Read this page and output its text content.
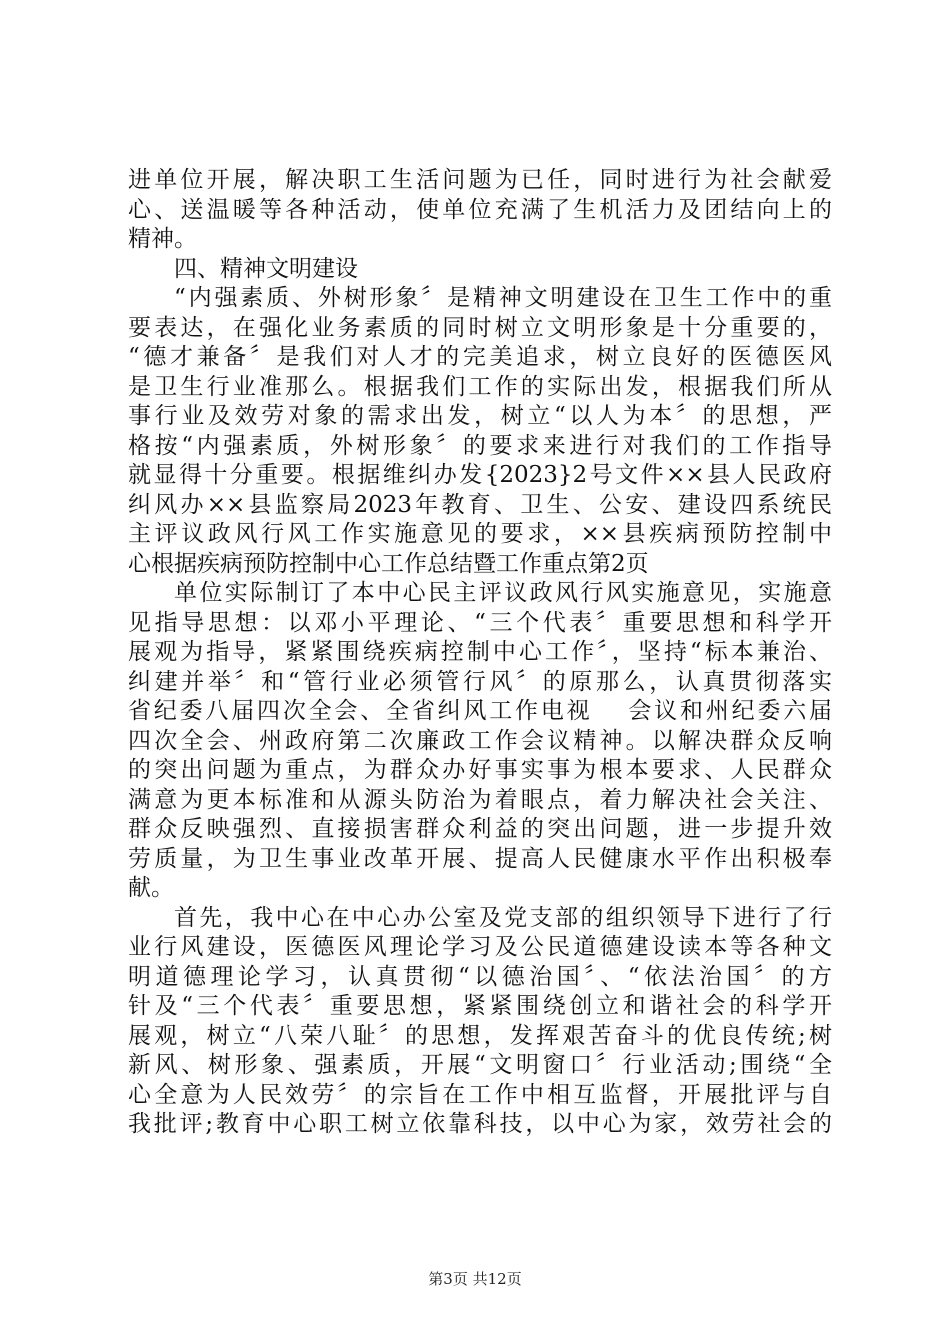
进单位开展，解决职工生活问题为已任，同时进行为社会献爱
心、送温暖等各种活动，使单位充满了生机活力及团结向上的
精神。
四、精神文明建设
“内强素质、外树形象〞是精神文明建设在卫生工作中的重
要表达，在强化业务素质的同时树立文明形象是十分重要的，
“德才兼备〞是我们对人才的完美追求，树立良好的医德医风
是卫生行业准那么。根据我们工作的实际出发，根据我们所从
事行业及效劳对象的需求出发，树立“以人为本〞的思想，严
格按“内强素质，外树形象〞的要求来进行对我们的工作指导
就显得十分重要。根据维纠办发{2023}2号文件××县人民政府
纠风办××县监察局2023年教育、卫生、公安、建设四系统民
主评议政风行风工作实施意见的要求，××县疾病预防控制中
心根据疾病预防控制中心工作总结暨工作重点第2页
单位实际制订了本中心民主评议政风行风实施意见，实施意
见指导思想：以邓小平理论、“三个代表〞重要思想和科学开
展观为指导，紧紧围绕疾病控制中心工作〞，坚持“标本兼治、
纠建并举〞和“管行业必须管行风〞的原那么，认真贯彻落实
省纪委八届四次全会、全省纠风工作电视　 会议和州纪委六届
四次全会、州政府第二次廉政工作会议精神。以解决群众反响
的突出问题为重点，为群众办好事实事为根本要求、人民群众
满意为更本标准和从源头防治为着眼点，着力解决社会关注、
群众反映强烈、直接损害群众利益的突出问题，进一步提升效
劳质量，为卫生事业改革开展、提高人民健康水平作出积极奉
献。
首先，我中心在中心办公室及党支部的组织领导下进行了行
业行风建设，医德医风理论学习及公民道德建设读本等各种文
明道德理论学习，认真贯彻“以德治国〞、“依法治国〞的方
针及“三个代表〞重要思想，紧紧围绕创立和谐社会的科学开
展观，树立“八荣八耻〞的思想，发挥艰苦奋斗的优良传统;树
新风、树形象、强素质，开展“文明窗口〞行业活动;围绕“全
心全意为人民效劳〞的宗旨在工作中相互监督，开展批评与自
我批评;教育中心职工树立依靠科技，以中心为家，效劳社会的
第3页 共12页
